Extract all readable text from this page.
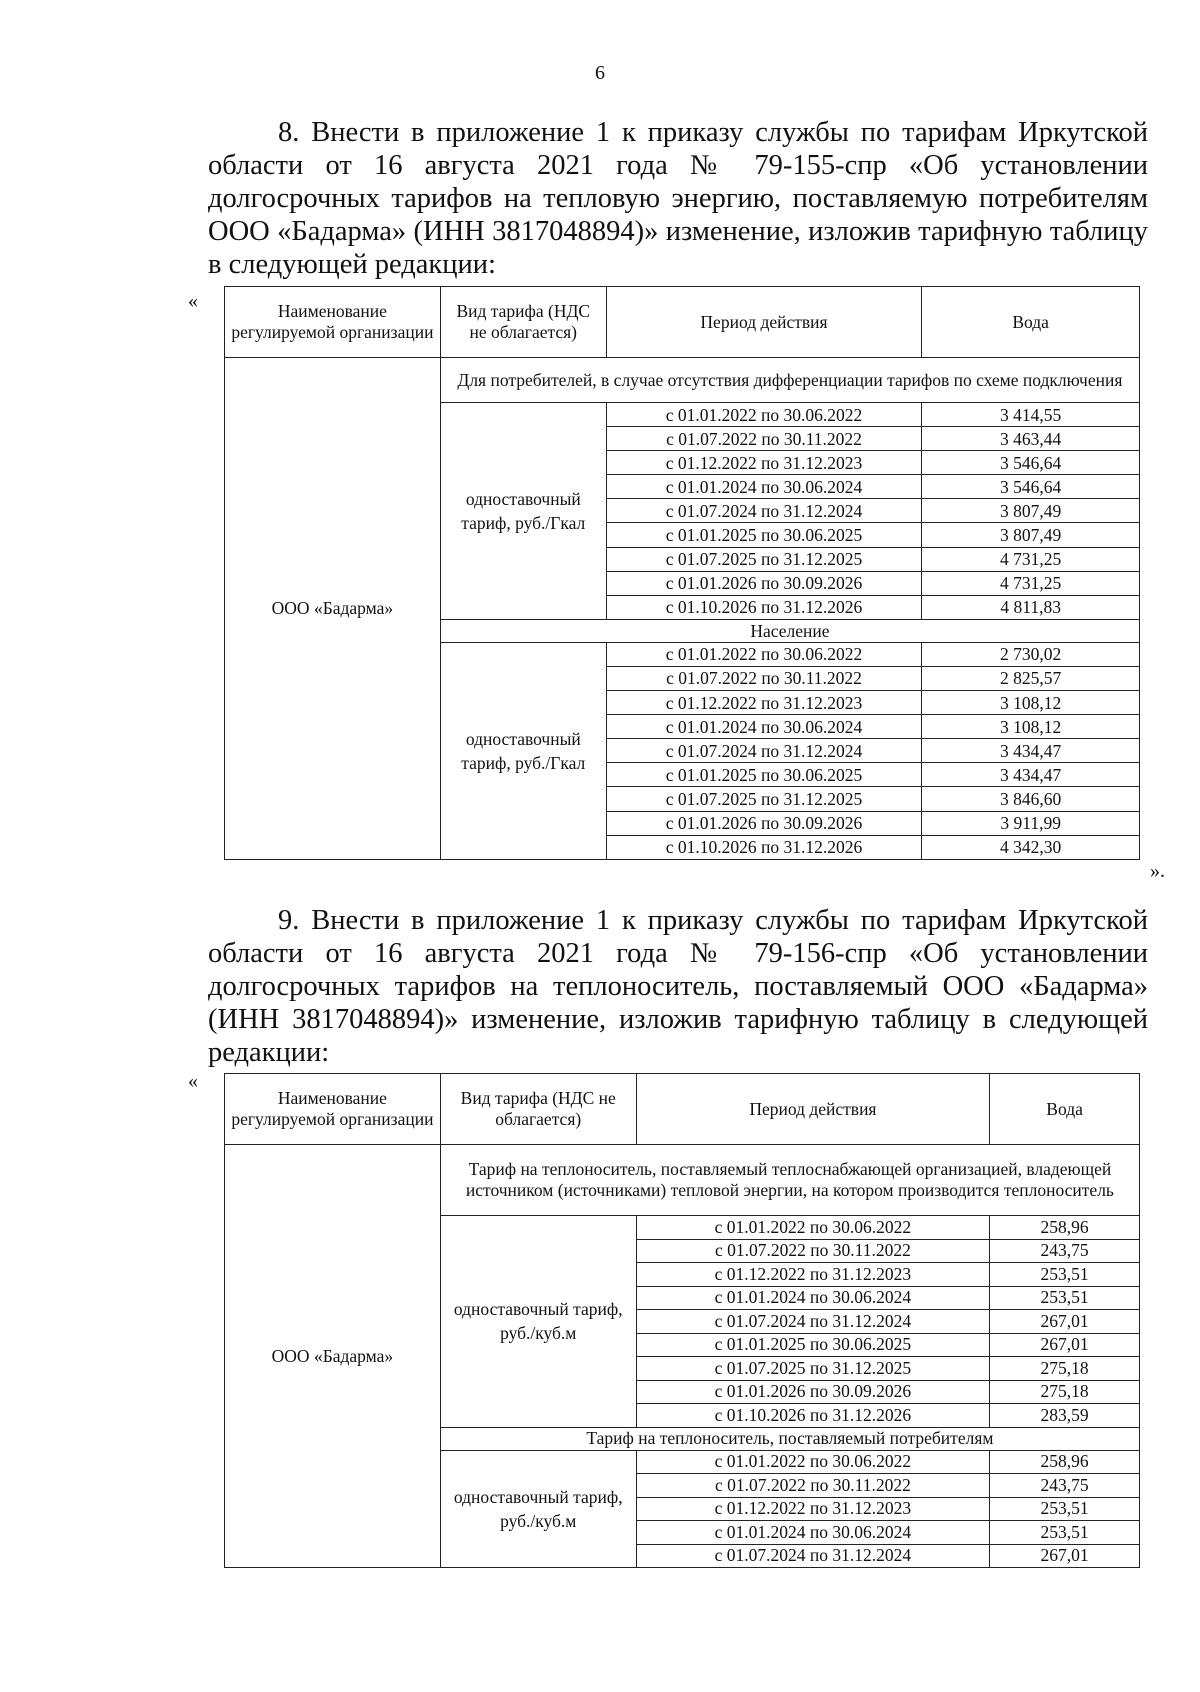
6
8. Внести в приложение 1 к приказу службы по тарифам Иркутской области от 16 августа 2021 года № 79-155-спр «Об установлении долгосрочных тарифов на тепловую энергию, поставляемую потребителям ООО «Бадарма» (ИНН 3817048894)» изменение, изложив тарифную таблицу в следующей редакции:
«	Наименование регулируемой организации	Вид тарифа (НДС не облагается)	Период действия	Вода
ООО «Бадарма»	Для потребителей, в случае отсутствия дифференциации тарифов по схеме подключения		
	одноставочный тариф, руб./Гкал	с 01.01.2022 по 30.06.2022	3 414,55
		с 01.07.2022 по 30.11.2022	3 463,44
		с 01.12.2022 по 31.12.2023	3 546,64
		с 01.01.2024 по 30.06.2024	3 546,64
		с 01.07.2024 по 31.12.2024	3 807,49
		с 01.01.2025 по 30.06.2025	3 807,49
		с 01.07.2025 по 31.12.2025	4 731,25
		с 01.01.2026 по 30.09.2026	4 731,25
		с 01.10.2026 по 31.12.2026	4 811,83
	Население		
	одноставочный тариф, руб./Гкал	с 01.01.2022 по 30.06.2022	2 730,02
		с 01.07.2022 по 30.11.2022	2 825,57
		с 01.12.2022 по 31.12.2023	3 108,12
		с 01.01.2024 по 30.06.2024	3 108,12
		с 01.07.2024 по 31.12.2024	3 434,47
		с 01.01.2025 по 30.06.2025	3 434,47
		с 01.07.2025 по 31.12.2025	3 846,60
		с 01.01.2026 по 30.09.2026	3 911,99
		с 01.10.2026 по 31.12.2026	4 342,30
».
9. Внести в приложение 1 к приказу службы по тарифам Иркутской области от 16 августа 2021 года № 79-156-спр «Об установлении долгосрочных тарифов на теплоноситель, поставляемый ООО «Бадарма» (ИНН 3817048894)» изменение, изложив тарифную таблицу в следующей редакции:
«
Наименование регулируемой организации	Вид тарифа (НДС не облагается)	Период действия	Вода
ООО «Бадарма»	Тариф на теплоноситель, поставляемый теплоснабжающей организацией, владеющей источником (источниками) тепловой энергии, на котором производится теплоноситель		
	одноставочный тариф, руб./куб.м	с 01.01.2022 по 30.06.2022	258,96
		с 01.07.2022 по 30.11.2022	243,75
		с 01.12.2022 по 31.12.2023	253,51
		с 01.01.2024 по 30.06.2024	253,51
		с 01.07.2024 по 31.12.2024	267,01
		с 01.01.2025 по 30.06.2025	267,01
		с 01.07.2025 по 31.12.2025	275,18
		с 01.01.2026 по 30.09.2026	275,18
		с 01.10.2026 по 31.12.2026	283,59
	Тариф на теплоноситель, поставляемый потребителям		
	одноставочный тариф, руб./куб.м	с 01.01.2022 по 30.06.2022	258,96
		с 01.07.2022 по 30.11.2022	243,75
		с 01.12.2022 по 31.12.2023	253,51
		с 01.01.2024 по 30.06.2024	253,51
		с 01.07.2024 по 31.12.2024	267,01
